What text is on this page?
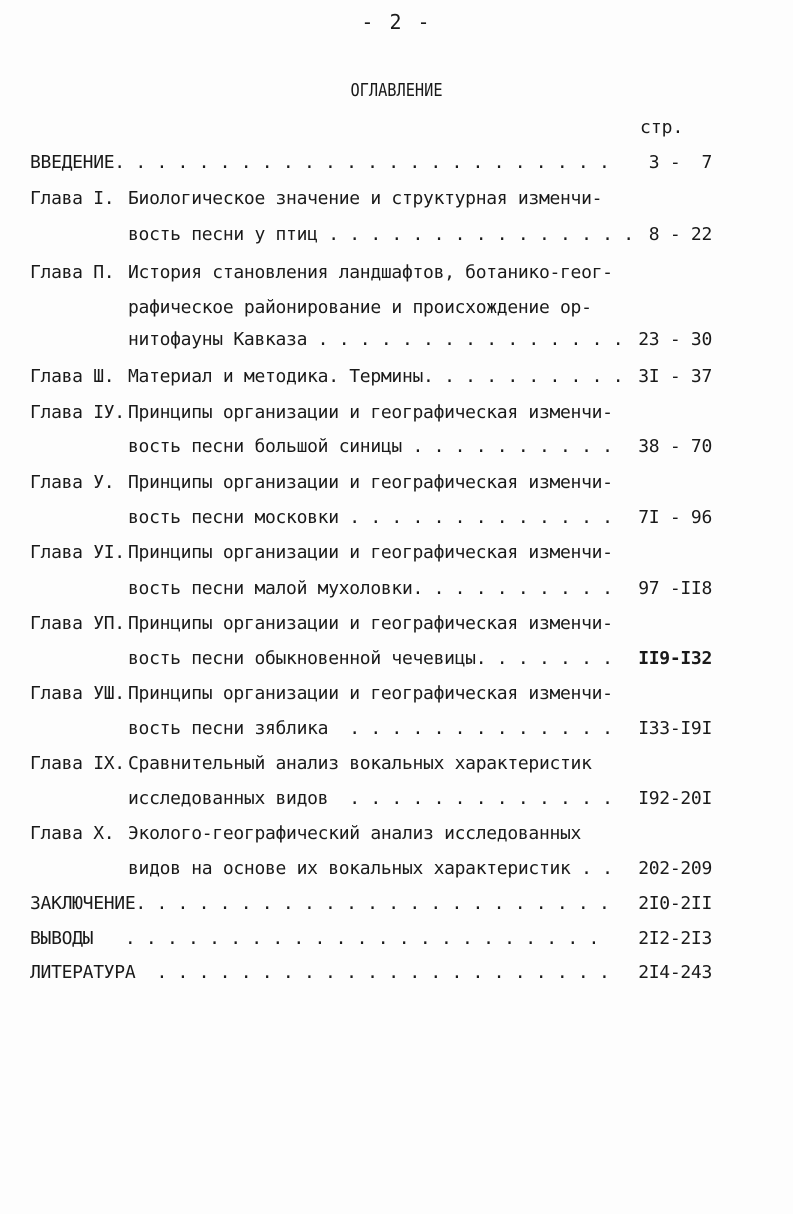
- 2 -
ОГЛАВЛЕНИЕ
стр.
ВВЕДЕНИЕ. . . . . . . . . . . . . . . . . . . . . . . . 3 -  7
Глава I. Биологическое значение и структурная изменчи-
вость песни у птиц . . . . . . . . . . . . . . . 8 - 22
Глава П. История становления ландшафтов, ботанико-геог-
рафическое районирование и происхождение ор-
нитофауны Кавказа . . . . . . . . . . . . . . . 23 - 30
Глава Ш. Материал и методика. Термины. . . . . . . . . . 3I - 37
Глава IУ. Принципы организации и географическая изменчи-
вость песни большой синицы . . . . . . . . . . 38 - 70
Глава У. Принципы организации и географическая изменчи-
вость песни московки . . . . . . . . . . . . . 7I - 96
Глава УI. Принципы организации и географическая изменчи-
вость песни малой мухоловки. . . . . . . . . . 97 -II8
Глава УП. Принципы организации и географическая изменчи-
вость песни обыкновенной чечевицы. . . . . . . II9-I32
Глава УШ. Принципы организации и географическая изменчи-
вость песни зяблика  . . . . . . . . . . . . . I33-I9I
Глава IX. Сравнительный анализ вокальных характеристик
исследованных видов  . . . . . . . . . . . . . I92-20I
Глава X. Эколого-географический анализ исследованных
видов на основе их вокальных характеристик . . 202-209
ЗАКЛЮЧЕНИЕ. . . . . . . . . . . . . . . . . . . . . . . 2I0-2II
ВЫВОДЫ   . . . . . . . . . . . . . . . . . . . . . . . 2I2-2I3
ЛИТЕРАТУРА  . . . . . . . . . . . . . . . . . . . . . . 2I4-243
